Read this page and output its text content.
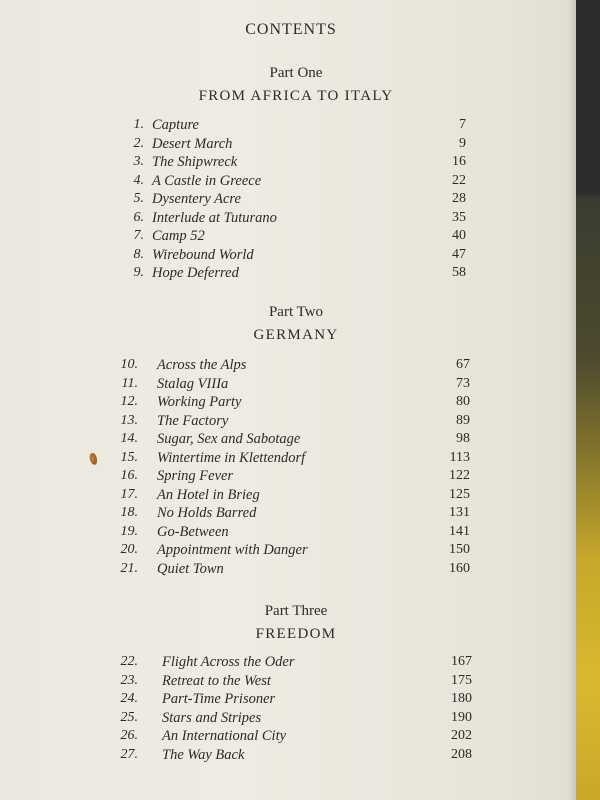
CONTENTS
Part One
FROM AFRICA TO ITALY
1. Capture	7
2. Desert March	9
3. The Shipwreck	16
4. A Castle in Greece	22
5. Dysentery Acre	28
6. Interlude at Tuturano	35
7. Camp 52	40
8. Wirebound World	47
9. Hope Deferred	58
Part Two
GERMANY
10. Across the Alps	67
11. Stalag VIIIa	73
12. Working Party	80
13. The Factory	89
14. Sugar, Sex and Sabotage	98
15. Wintertime in Klettendorf	113
16. Spring Fever	122
17. An Hotel in Brieg	125
18. No Holds Barred	131
19. Go-Between	141
20. Appointment with Danger	150
21. Quiet Town	160
Part Three
FREEDOM
22. Flight Across the Oder	167
23. Retreat to the West	175
24. Part-Time Prisoner	180
25. Stars and Stripes	190
26. An International City	202
27. The Way Back	208
